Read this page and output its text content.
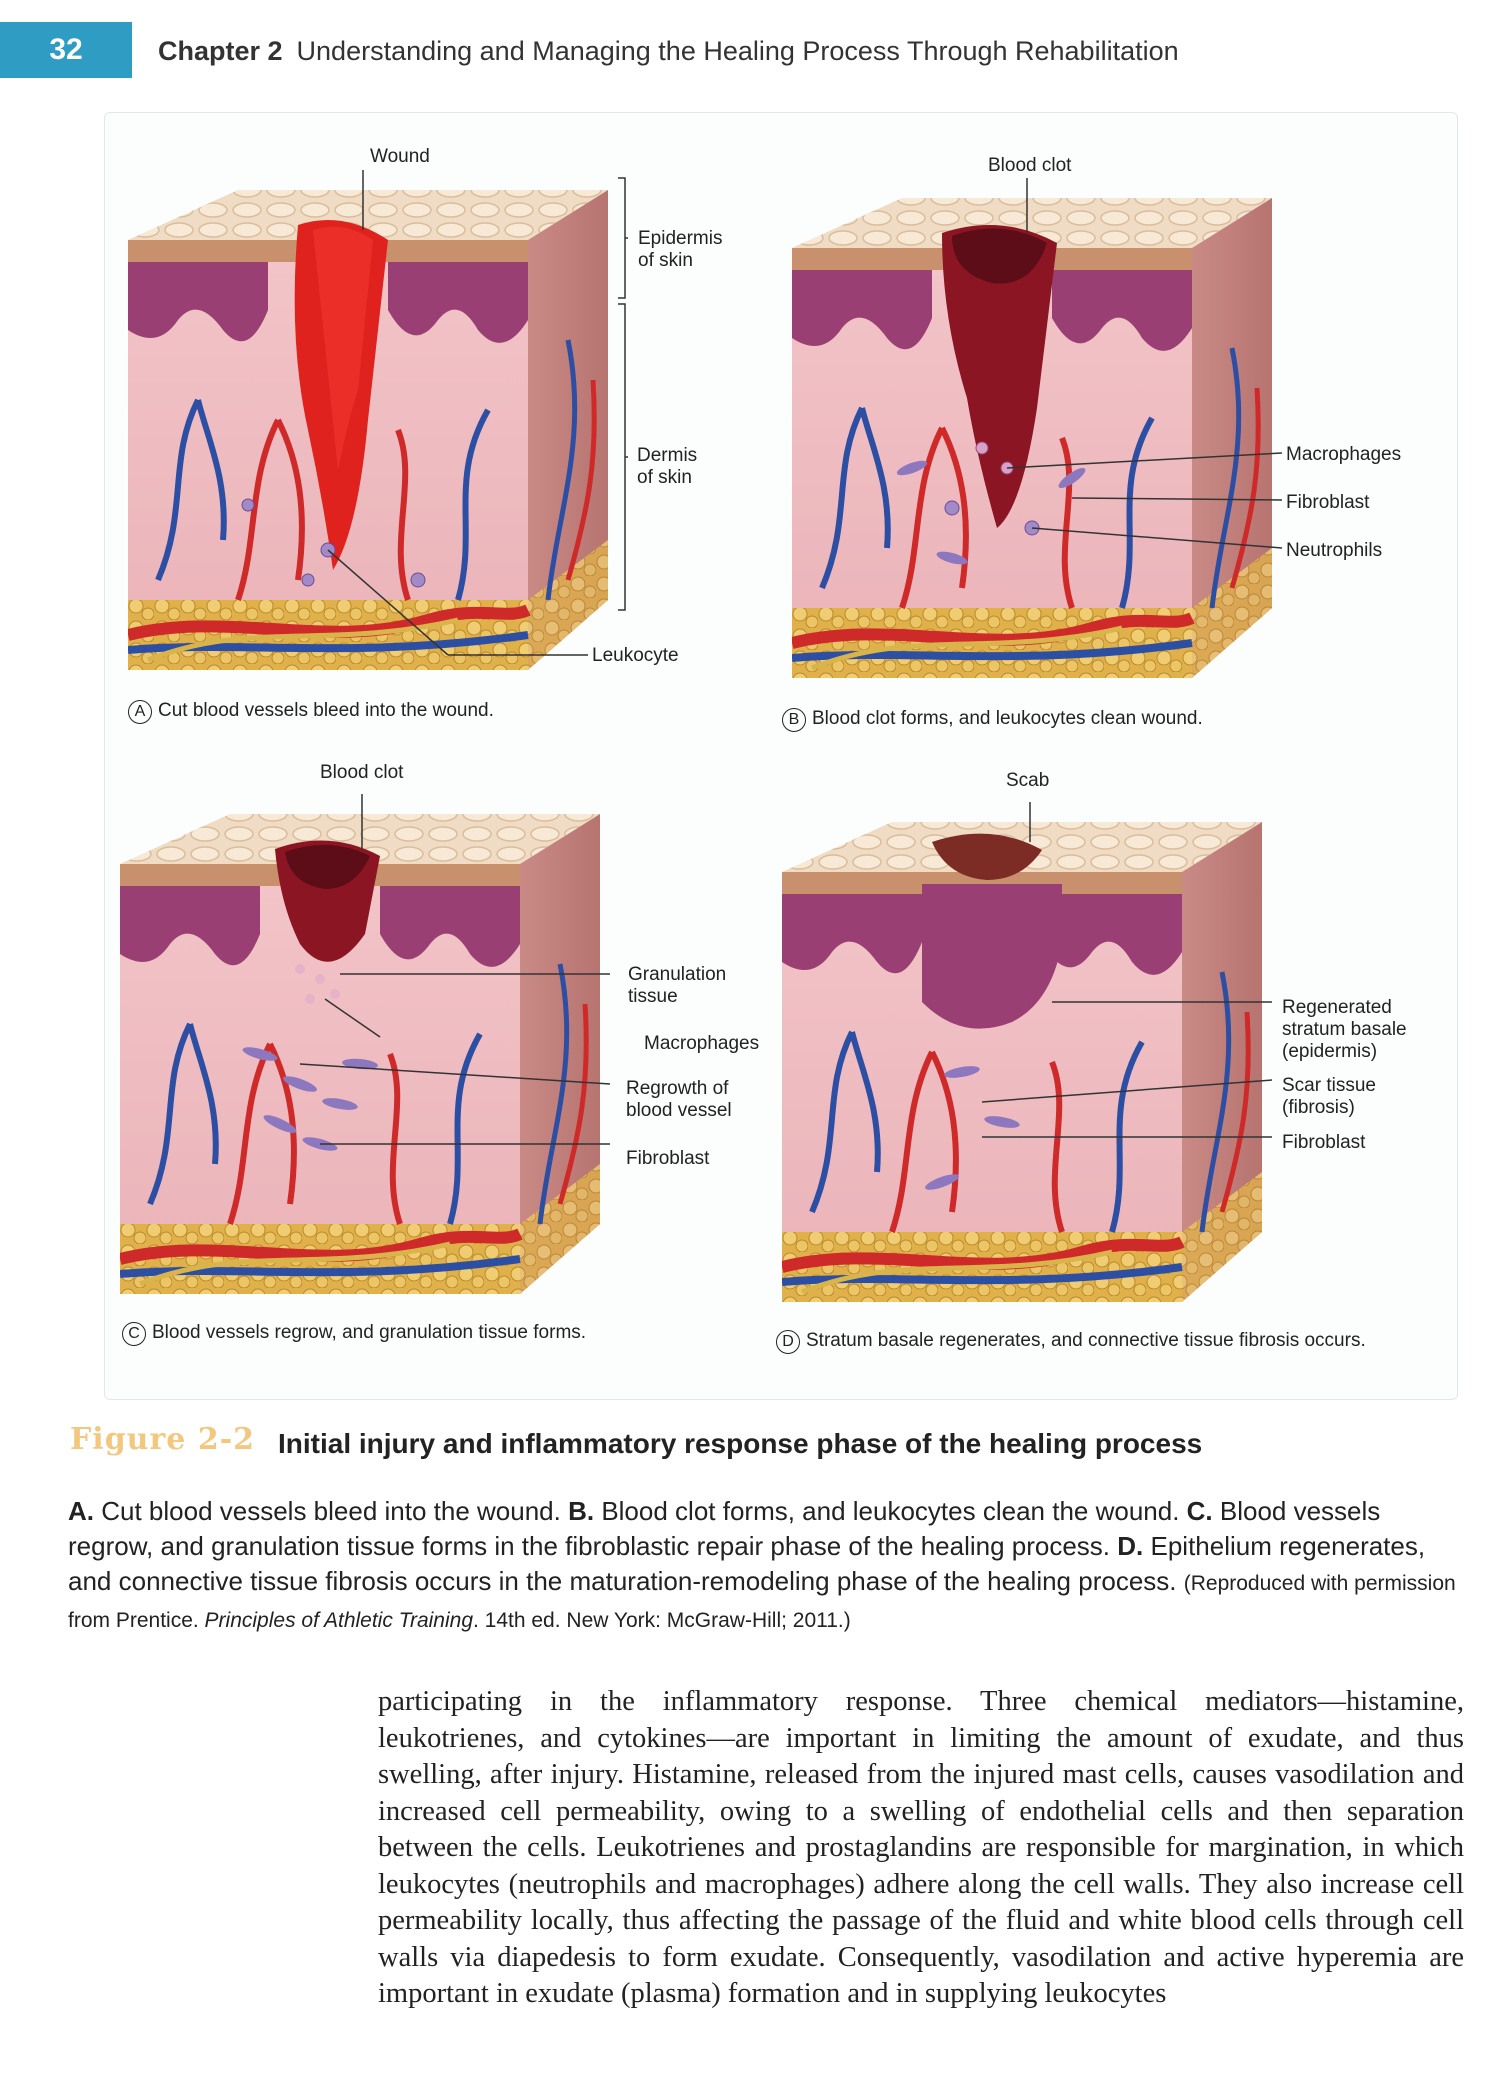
32	Chapter 2 Understanding and Managing the Healing Process Through Rehabilitation
Wound
Epidermis
of skin
Dermis
of skin
Leukocyte
A Cut blood vessels bleed into the wound.
Blood clot
Macrophages
Fibroblast
Neutrophils
B Blood clot forms, and leukocytes clean wound.
Blood clot
Granulation
tissue
Macrophages
Regrowth of
blood vessel
Fibroblast
C Blood vessels regrow, and granulation tissue forms.
Scab
Regenerated
stratum basale
(epidermis)
Scar tissue
(fibrosis)
Fibroblast
D Stratum basale regenerates, and connective tissue fibrosis occurs.
Figure 2-2 Initial injury and inflammatory response phase of the healing process
A. Cut blood vessels bleed into the wound. B. Blood clot forms, and leukocytes clean the wound. C. Blood vessels regrow, and granulation tissue forms in the fibroblastic repair phase of the healing process. D. Epithelium regenerates, and connective tissue fibrosis occurs in the maturation-remodeling phase of the healing process. (Reproduced with permission from Prentice. Principles of Athletic Training. 14th ed. New York: McGraw-Hill; 2011.)
participating in the inflammatory response. Three chemical mediators—histamine, leukotrienes, and cytokines—are important in limiting the amount of exudate, and thus swelling, after injury. Histamine, released from the injured mast cells, causes vasodilation and increased cell permeability, owing to a swelling of endothelial cells and then separation between the cells. Leukotrienes and prostaglandins are responsible for margination, in which leukocytes (neutrophils and macrophages) adhere along the cell walls. They also increase cell permeability locally, thus affecting the passage of the fluid and white blood cells through cell walls via diapedesis to form exudate. Consequently, vasodilation and active hyperemia are important in exudate (plasma) formation and in supplying leukocytes
